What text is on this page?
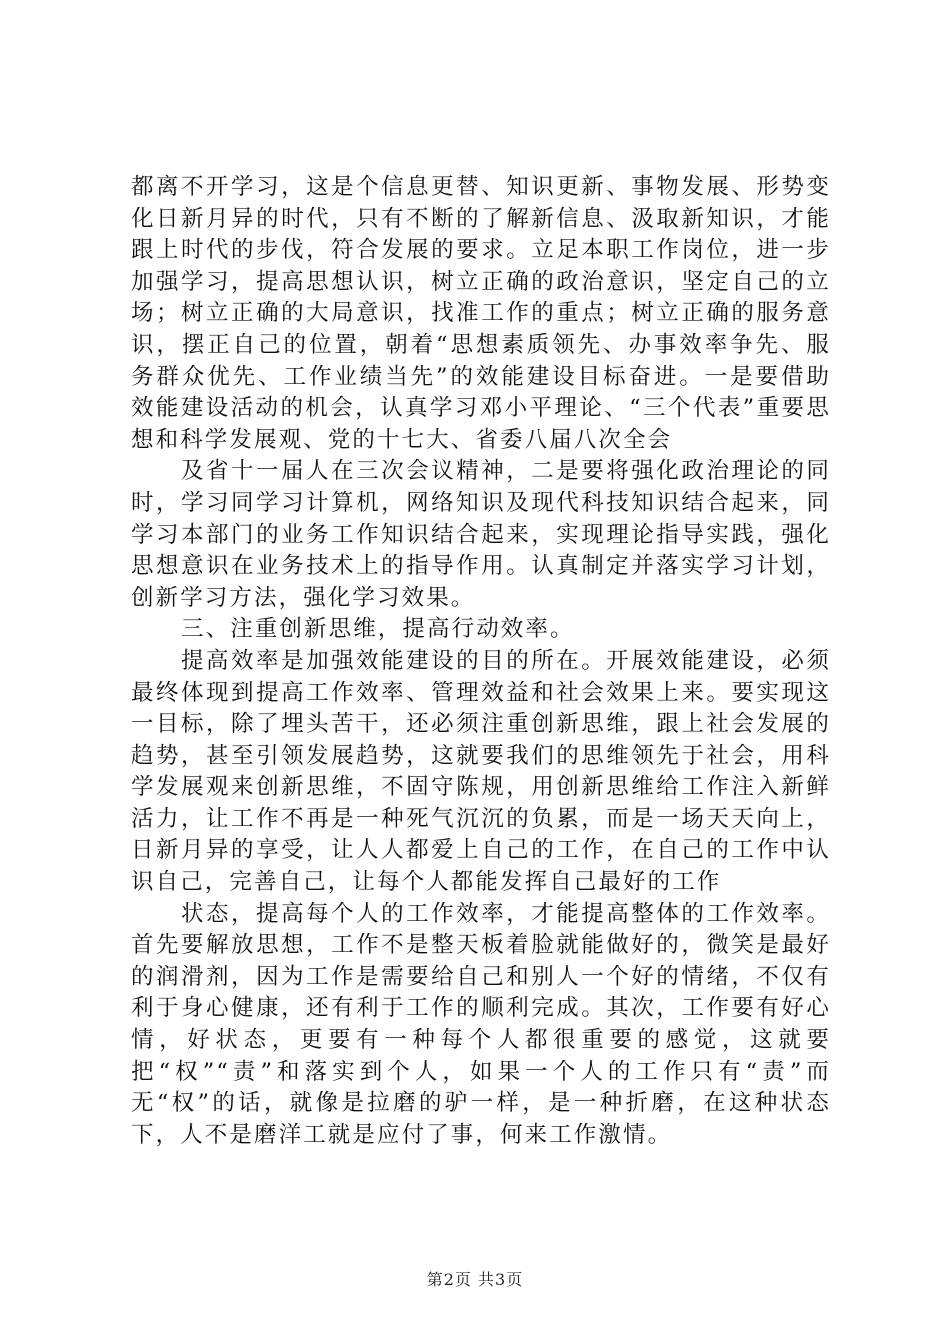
都离不开学习，这是个信息更替、知识更新、事物发展、形势变化日新月异的时代，只有不断的了解新信息、汲取新知识，才能跟上时代的步伐，符合发展的要求。立足本职工作岗位，进一步加强学习，提高思想认识，树立正确的政治意识，坚定自己的立场；树立正确的大局意识，找准工作的重点；树立正确的服务意识，摆正自己的位置，朝着“思想素质领先、办事效率争先、服务群众优先、工作业绩当先”的效能建设目标奋进。一是要借助效能建设活动的机会，认真学习邓小平理论、“三个代表”重要思想和科学发展观、党的十七大、省委八届八次全会

及省十一届人在三次会议精神，二是要将强化政治理论的同时，学习同学习计算机，网络知识及现代科技知识结合起来，同学习本部门的业务工作知识结合起来，实现理论指导实践，强化思想意识在业务技术上的指导作用。认真制定并落实学习计划，创新学习方法，强化学习效果。

三、注重创新思维，提高行动效率。

提高效率是加强效能建设的目的所在。开展效能建设，必须最终体现到提高工作效率、管理效益和社会效果上来。要实现这一目标，除了埋头苦干，还必须注重创新思维，跟上社会发展的趋势，甚至引领发展趋势，这就要我们的思维领先于社会，用科学发展观来创新思维，不固守陈规，用创新思维给工作注入新鲜活力，让工作不再是一种死气沉沉的负累，而是一场天天向上，日新月异的享受，让人人都爱上自己的工作，在自己的工作中认识自己，完善自己，让每个人都能发挥自己最好的工作

状态，提高每个人的工作效率，才能提高整体的工作效率。首先要解放思想，工作不是整天板着脸就能做好的，微笑是最好的润滑剂，因为工作是需要给自己和别人一个好的情绪，不仅有利于身心健康，还有利于工作的顺利完成。其次，工作要有好心情，好状态，更要有一种每个人都很重要的感觉，这就要把“权”“责”和落实到个人，如果一个人的工作只有“责”而无“权”的话，就像是拉磨的驴一样，是一种折磨，在这种状态下，人不是磨洋工就是应付了事，何来工作激情。

第2页 共3页
